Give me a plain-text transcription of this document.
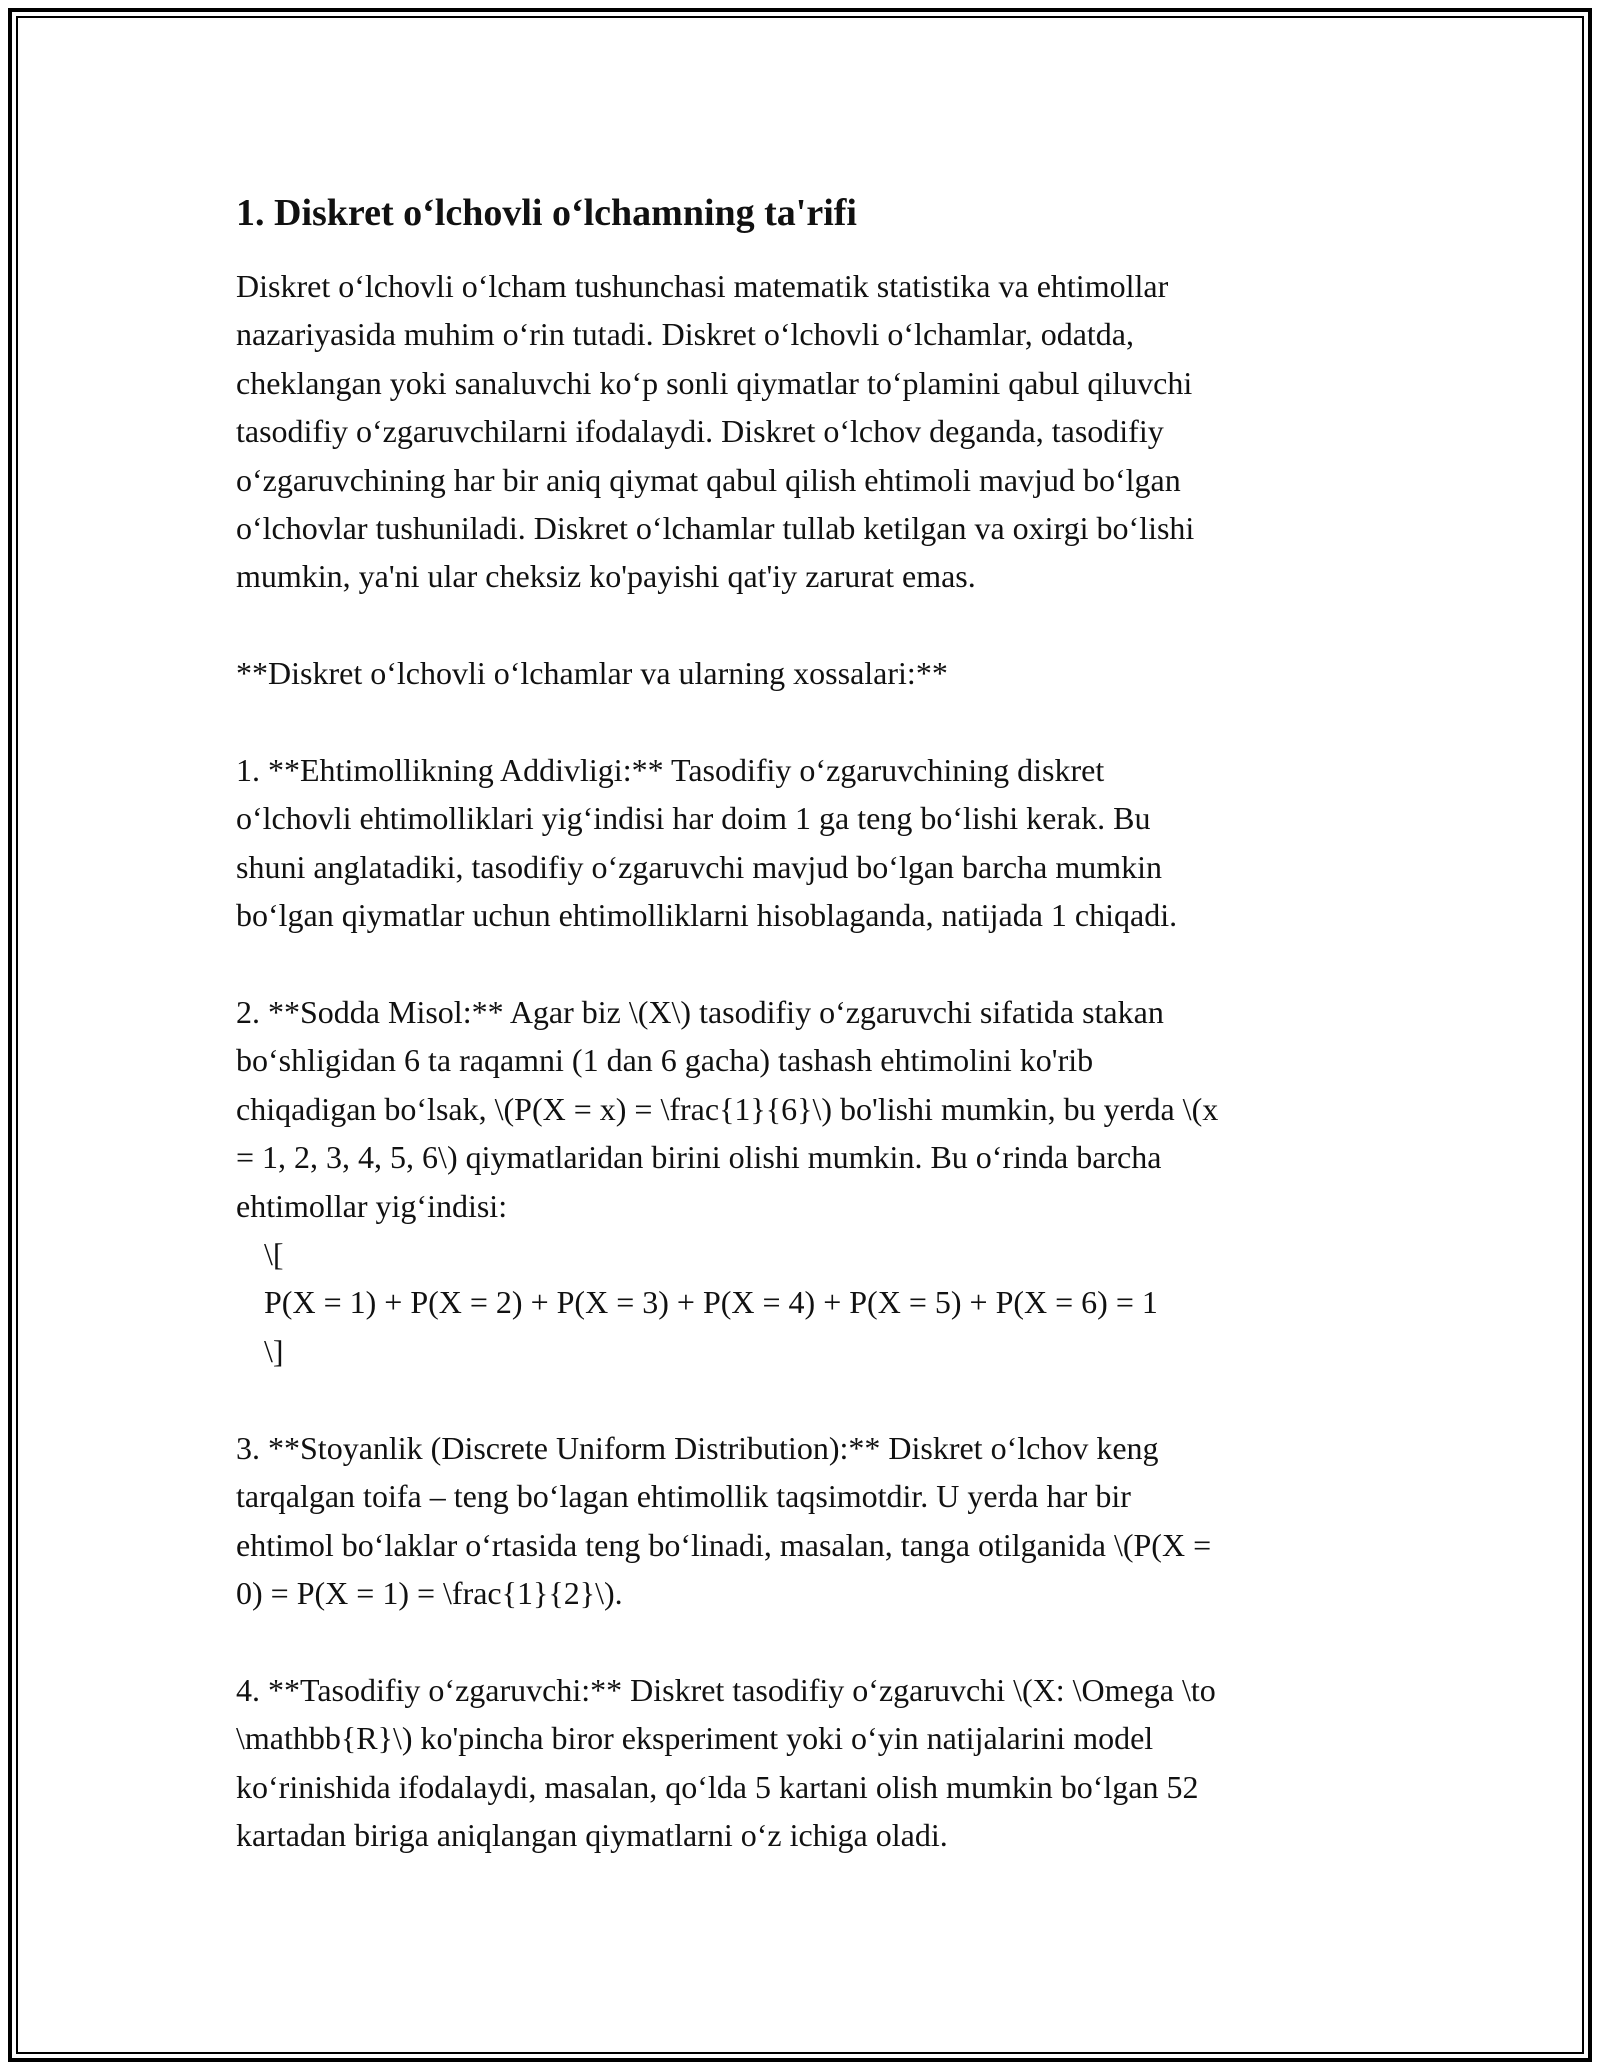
1. Diskret o‘lchovli o‘lchamning ta'rifi
Diskret o‘lchovli o‘lcham tushunchasi matematik statistika va ehtimollar
nazariyasida muhim o‘rin tutadi. Diskret o‘lchovli o‘lchamlar, odatda,
cheklangan yoki sanaluvchi ko‘p sonli qiymatlar to‘plamini qabul qiluvchi
tasodifiy o‘zgaruvchilarni ifodalaydi. Diskret o‘lchov deganda, tasodifiy
o‘zgaruvchining har bir aniq qiymat qabul qilish ehtimoli mavjud bo‘lgan
o‘lchovlar tushuniladi. Diskret o‘lchamlar tullab ketilgan va oxirgi bo‘lishi
mumkin, ya'ni ular cheksiz ko'payishi qat'iy zarurat emas.
**Diskret o‘lchovli o‘lchamlar va ularning xossalari:**
1. **Ehtimollikning Addivligi:** Tasodifiy o‘zgaruvchining diskret
o‘lchovli ehtimolliklari yig‘indisi har doim 1 ga teng bo‘lishi kerak. Bu
shuni anglatadiki, tasodifiy o‘zgaruvchi mavjud bo‘lgan barcha mumkin
bo‘lgan qiymatlar uchun ehtimolliklarni hisoblaganda, natijada 1 chiqadi.
2. **Sodda Misol:** Agar biz \(X\) tasodifiy o‘zgaruvchi sifatida stakan
bo‘shligidan 6 ta raqamni (1 dan 6 gacha) tashash ehtimolini ko'rib
chiqadigan bo‘lsak, \(P(X = x) = \frac{1}{6}\) bo'lishi mumkin, bu yerda \(x
= 1, 2, 3, 4, 5, 6\) qiymatlaridan birini olishi mumkin. Bu o‘rinda barcha
ehtimollar yig‘indisi:
\[
P(X = 1) + P(X = 2) + P(X = 3) + P(X = 4) + P(X = 5) + P(X = 6) = 1
\]
3. **Stoyanlik (Discrete Uniform Distribution):** Diskret o‘lchov keng
tarqalgan toifa – teng bo‘lagan ehtimollik taqsimotdir. U yerda har bir
ehtimol bo‘laklar o‘rtasida teng bo‘linadi, masalan, tanga otilganida \(P(X =
0) = P(X = 1) = \frac{1}{2}\).
4. **Tasodifiy o‘zgaruvchi:** Diskret tasodifiy o‘zgaruvchi \(X: \Omega \to
\mathbb{R}\) ko'pincha biror eksperiment yoki o‘yin natijalarini model
ko‘rinishida ifodalaydi, masalan, qo‘lda 5 kartani olish mumkin bo‘lgan 52
kartadan biriga aniqlangan qiymatlarni o‘z ichiga oladi.
